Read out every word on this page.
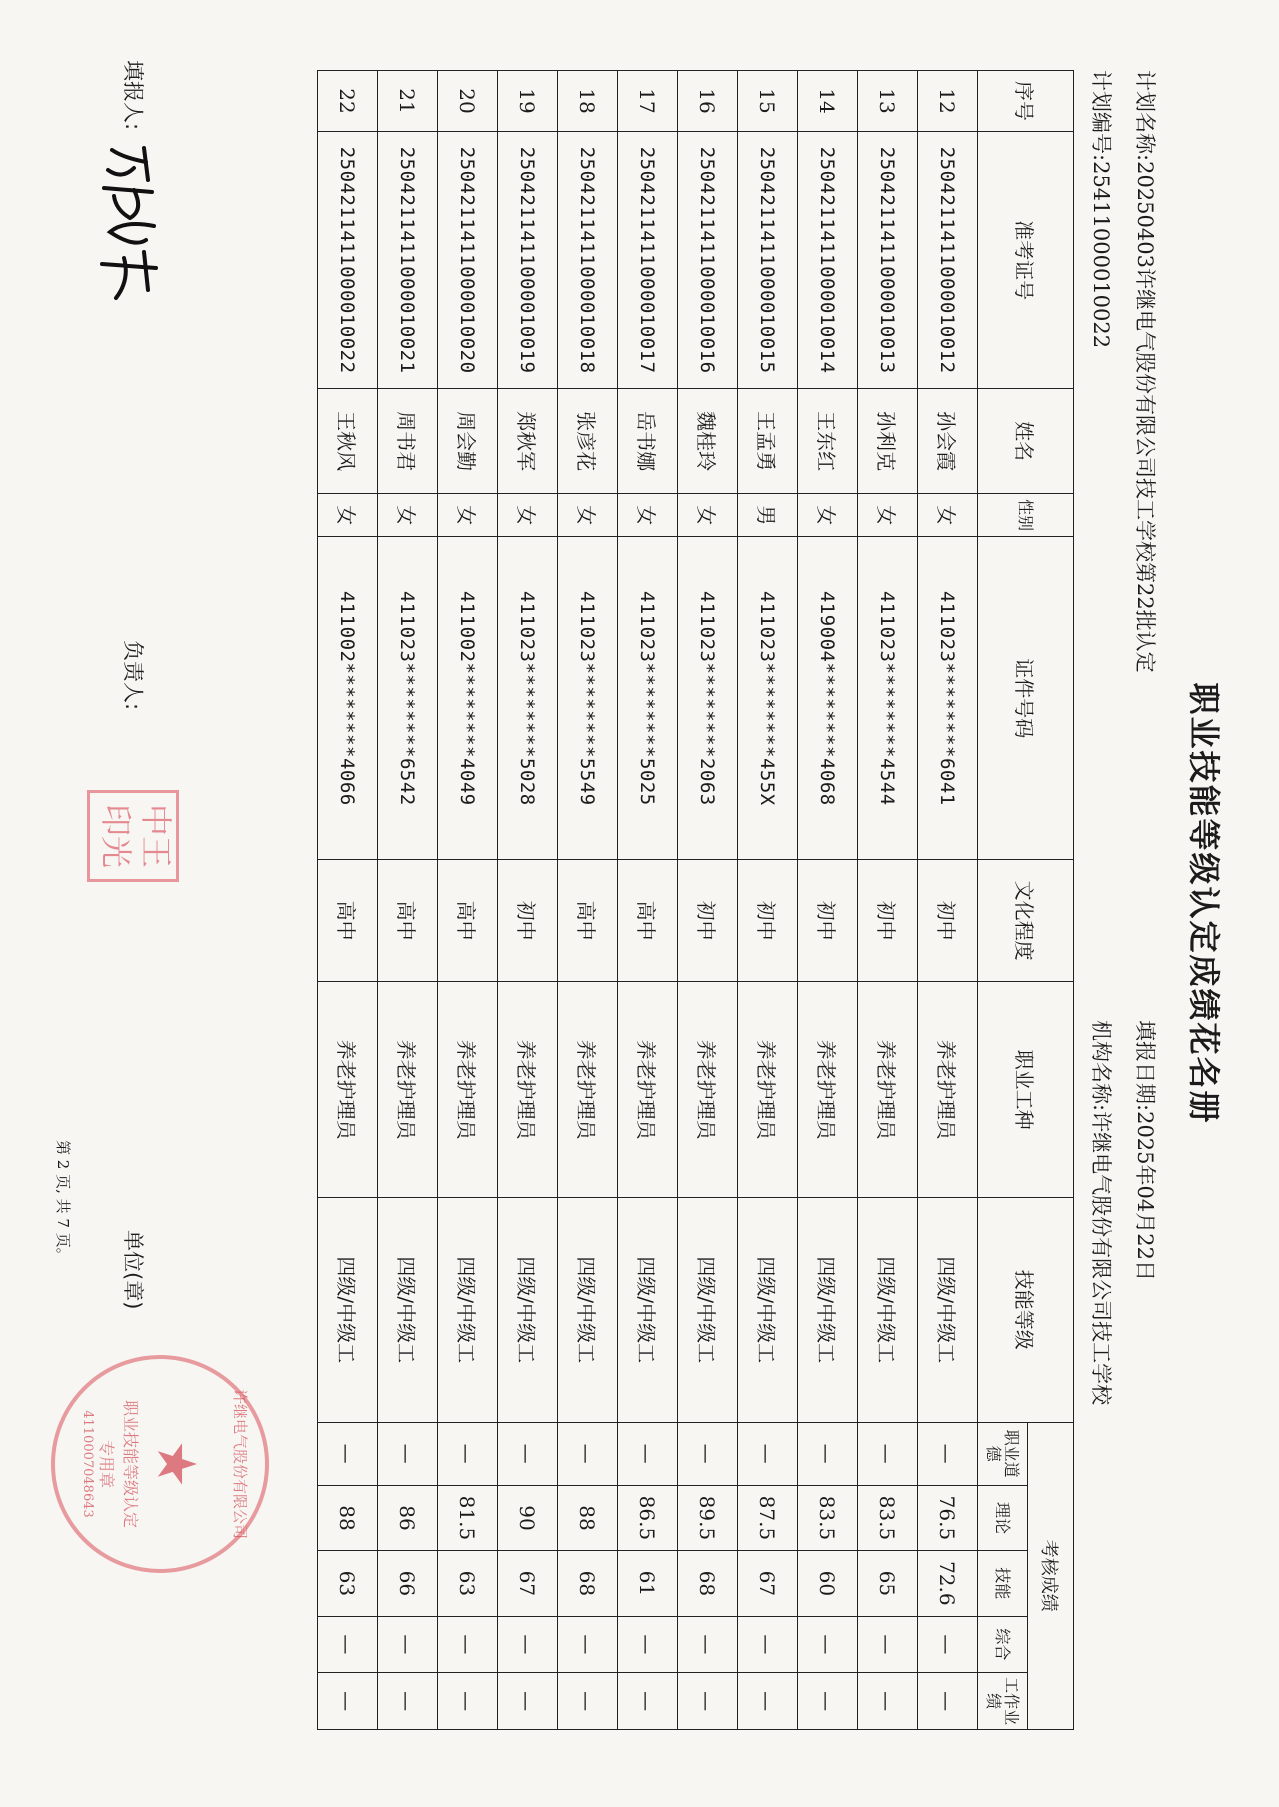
职业技能等级认定成绩花名册
计划名称:20250403许继电气股份有限公司技工学校第22批认定
填报日期:2025年04月22日
计划编号:25411000010022
机构名称:许继电气股份有限公司技工学校
序号	准考证号	姓名	性别	证件号码	文化程度	职业工种	技能等级	考核成绩				
								职业道德	理论	技能	综合	工作业绩
12	2504211411000010012	孙会霞	女	411023********6041	初中	养老护理员	四级/中级工	—	76.5	72.6	—	—
13	2504211411000010013	孙利克	女	411023********4544	初中	养老护理员	四级/中级工	—	83.5	65	—	—
14	2504211411000010014	王东红	女	419004********4068	初中	养老护理员	四级/中级工	—	83.5	60	—	—
15	2504211411000010015	王孟勇	男	411023********455X	初中	养老护理员	四级/中级工	—	87.5	67	—	—
16	2504211411000010016	魏桂玲	女	411023********2063	初中	养老护理员	四级/中级工	—	89.5	68	—	—
17	2504211411000010017	岳书娜	女	411023********5025	高中	养老护理员	四级/中级工	—	86.5	61	—	—
18	2504211411000010018	张彦花	女	411023********5549	高中	养老护理员	四级/中级工	—	88	68	—	—
19	2504211411000010019	郑秋军	女	411023********5028	初中	养老护理员	四级/中级工	—	90	67	—	—
20	2504211411000010020	周会勤	女	411002********4049	高中	养老护理员	四级/中级工	—	81.5	63	—	—
21	2504211411000010021	周书君	女	411023********6542	高中	养老护理员	四级/中级工	—	86	66	—	—
22	2504211411000010022	王秋风	女	411002********4066	高中	养老护理员	四级/中级工	—	88	63	—	—
填报人:
负责人:
中王
印光
单位(章)
许继电气股份有限公司
★
职业技能等级认定
专用章
4110007048643
第 2 页, 共 7 页。
